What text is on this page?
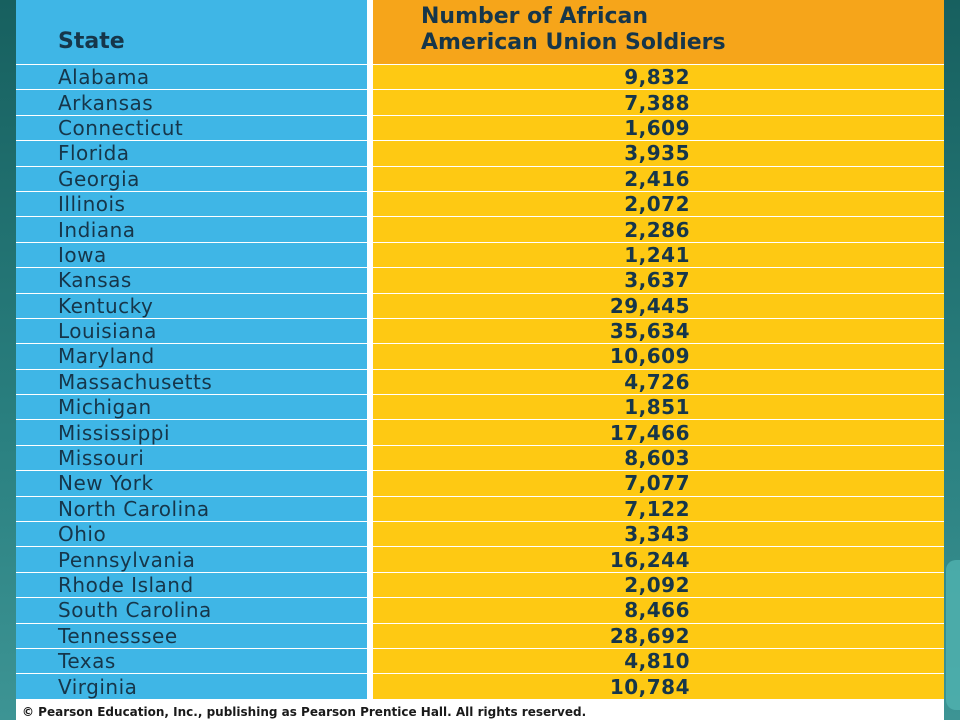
State
Number of African
American Union Soldiers
Alabama	9,832
Arkansas	7,388
Connecticut	1,609
Florida	3,935
Georgia	2,416
Illinois	2,072
Indiana	2,286
Iowa	1,241
Kansas	3,637
Kentucky	29,445
Louisiana	35,634
Maryland	10,609
Massachusetts	4,726
Michigan	1,851
Mississippi	17,466
Missouri	8,603
New York	7,077
North Carolina	7,122
Ohio	3,343
Pennsylvania	16,244
Rhode Island	2,092
South Carolina	8,466
Tennesssee	28,692
Texas	4,810
Virginia	10,784
© Pearson Education, Inc., publishing as Pearson Prentice Hall. All rights reserved.
